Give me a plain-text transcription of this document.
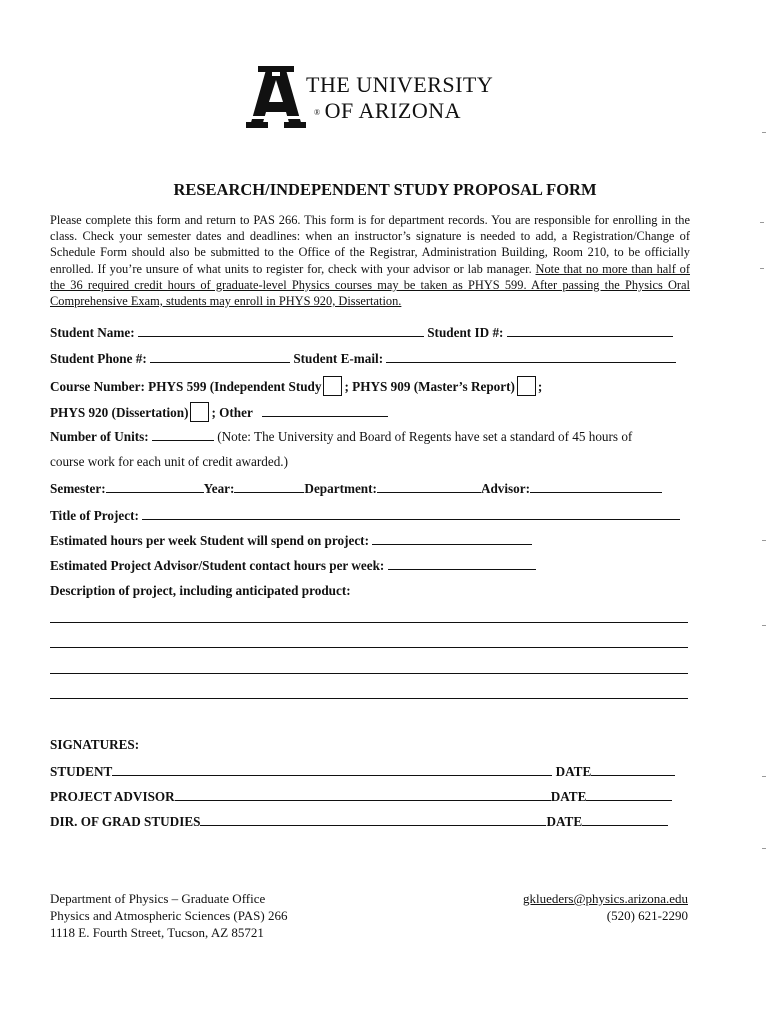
THE UNIVERSITY
® OF ARIZONA
RESEARCH/INDEPENDENT STUDY PROPOSAL FORM
Please complete this form and return to PAS 266. This form is for department records. You are responsible for enrolling in the class. Check your semester dates and deadlines: when an instructor’s signature is needed to add, a Registration/Change of Schedule Form should also be submitted to the Office of the Registrar, Administration Building, Room 210, to be officially enrolled. If you’re unsure of what units to register for, check with your advisor or lab manager. Note that no more than half of the 36 required credit hours of graduate-level Physics courses may be taken as PHYS 599. After passing the Physics Oral Comprehensive Exam, students may enroll in PHYS 920, Dissertation.
Student Name:	Student ID #:
Student Phone #:	Student E-mail:
Course Number: PHYS 599 (Independent Study ; PHYS 909 (Master’s Report) ;
PHYS 920 (Dissertation) ; Other
Number of Units:	(Note: The University and Board of Regents have set a standard of 45 hours of
course work for each unit of credit awarded.)
Semester:	Year:	Department:	Advisor:
Title of Project:
Estimated hours per week Student will spend on project:
Estimated Project Advisor/Student contact hours per week:
Description of project, including anticipated product:
SIGNATURES:
STUDENT	DATE
PROJECT ADVISOR	DATE
DIR. OF GRAD STUDIES	DATE
Department of Physics – Graduate Office
Physics and Atmospheric Sciences (PAS) 266
1118 E. Fourth Street, Tucson, AZ 85721
gklueders@physics.arizona.edu
(520) 621-2290
